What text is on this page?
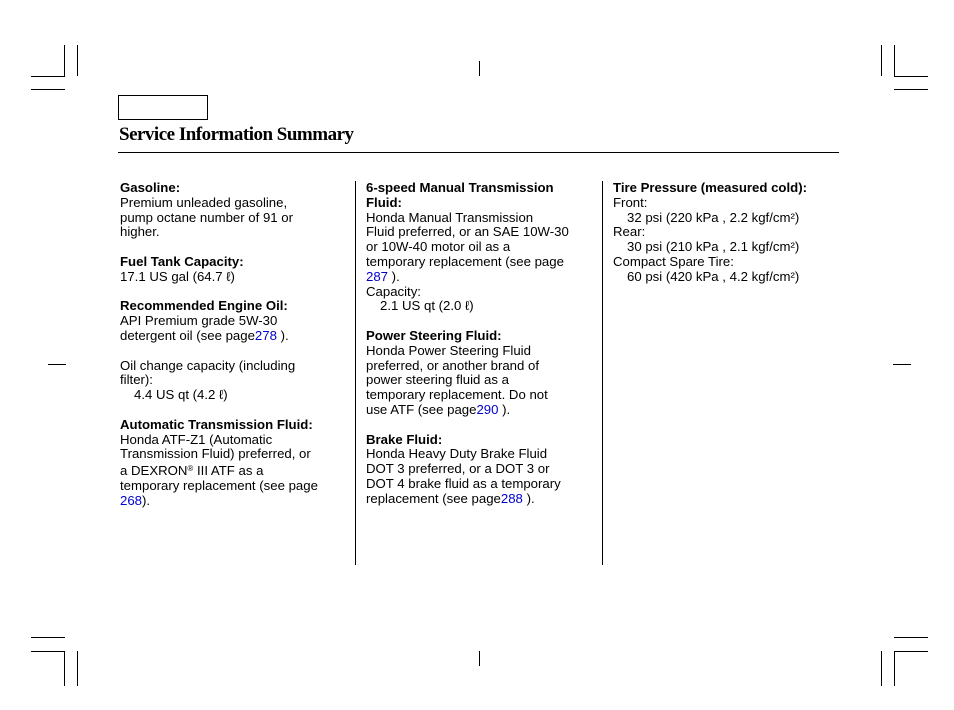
Service Information Summary
Gasoline:
Premium unleaded gasoline,
pump octane number of 91 or
higher.
Fuel Tank Capacity:
17.1 US gal (64.7 ℓ)
Recommended Engine Oil:
API Premium grade 5W-30
detergent oil (see page278 ).
Oil change capacity (including
filter):
4.4 US qt (4.2 ℓ)
Automatic Transmission Fluid:
Honda ATF-Z1 (Automatic
Transmission Fluid) preferred, or
a DEXRON® III ATF as a
temporary replacement (see page
268).
6-speed Manual Transmission
Fluid:
Honda Manual Transmission
Fluid preferred, or an SAE 10W-30
or 10W-40 motor oil as a
temporary replacement (see page
287 ).
Capacity:
2.1 US qt (2.0 ℓ)
Power Steering Fluid:
Honda Power Steering Fluid
preferred, or another brand of
power steering fluid as a
temporary replacement. Do not
use ATF (see page290 ).
Brake Fluid:
Honda Heavy Duty Brake Fluid
DOT 3 preferred, or a DOT 3 or
DOT 4 brake fluid as a temporary
replacement (see page288 ).
Tire Pressure (measured cold):
Front:
32 psi (220 kPa , 2.2 kgf/cm²)
Rear:
30 psi (210 kPa , 2.1 kgf/cm²)
Compact Spare Tire:
60 psi (420 kPa , 4.2 kgf/cm²)
